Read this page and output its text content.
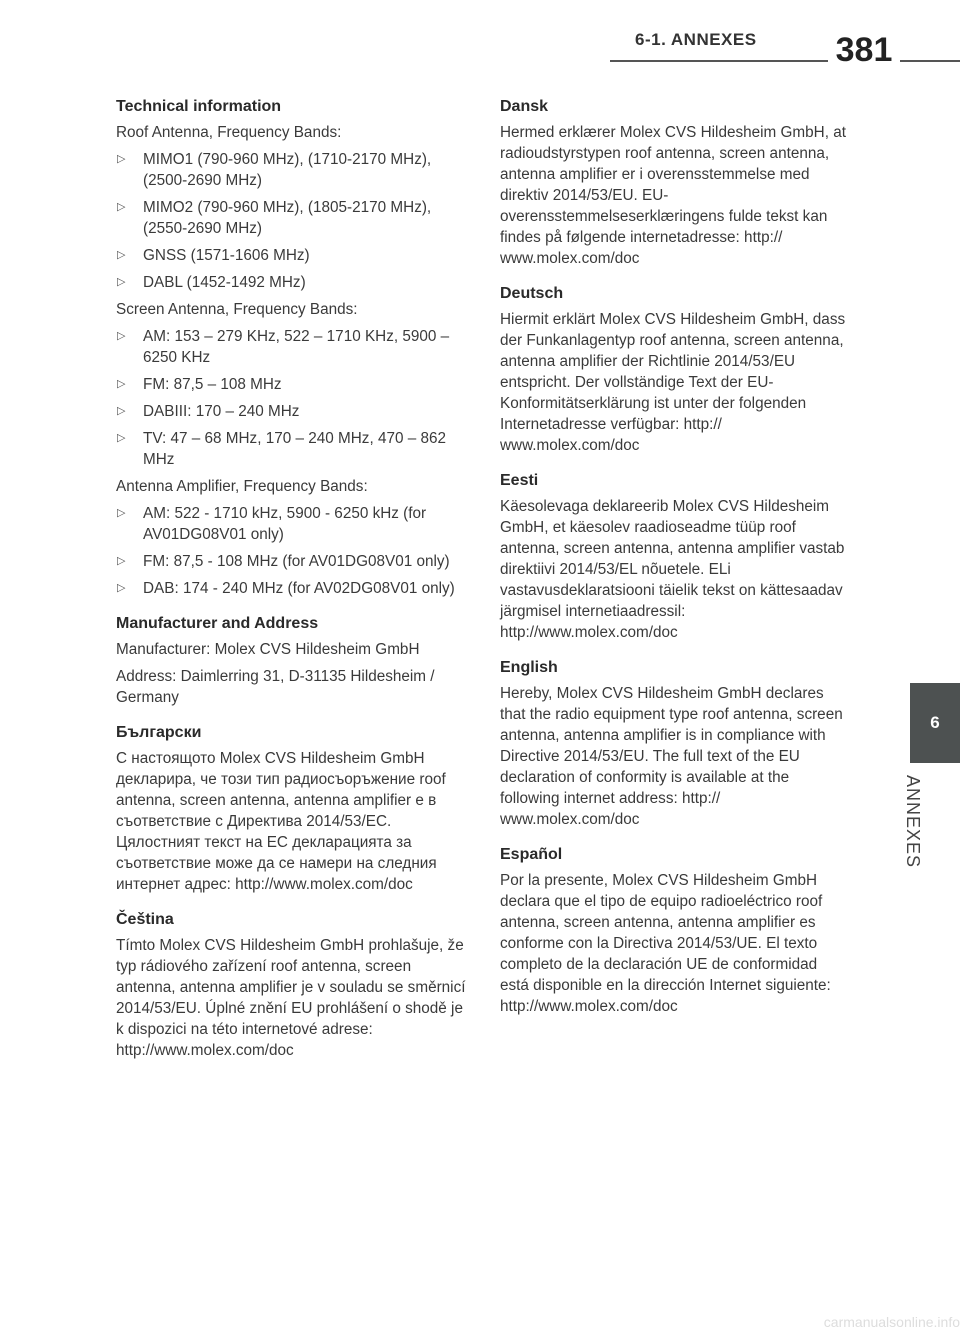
6-1. ANNEXES 381
6
ANNEXES
Technical information

Roof Antenna, Frequency Bands:

▷ MIMO1 (790-960 MHz), (1710-2170 MHz), (2500-2690 MHz)
▷ MIMO2 (790-960 MHz), (1805-2170 MHz), (2550-2690 MHz)
▷ GNSS (1571-1606 MHz)
▷ DABL (1452-1492 MHz)

Screen Antenna, Frequency Bands:

▷ AM: 153 – 279 KHz, 522 – 1710 KHz, 5900 – 6250 KHz
▷ FM: 87,5 – 108 MHz
▷ DABIII: 170 – 240 MHz
▷ TV: 47 – 68 MHz, 170 – 240 MHz, 470 – 862 MHz

Antenna Amplifier, Frequency Bands:

▷ AM: 522 - 1710 kHz, 5900 - 6250 kHz (for AV01DG08V01 only)
▷ FM: 87,5 - 108 MHz (for AV01DG08V01 only)
▷ DAB: 174 - 240 MHz (for AV02DG08V01 only)
Manufacturer and Address

Manufacturer: Molex CVS Hildesheim GmbH

Address: Daimlerring 31, D-31135 Hildesheim / Germany

Български

С настоящото Molex CVS Hildesheim GmbH декларира, че този тип радиосъоръжение roof antenna, screen antenna, antenna amplifier е в съответствие с Директива 2014/53/ЕС. Цялостният текст на ЕС декларацията за съответствие може да се намери на следния интернет адрес: http://www.molex.com/doc

Čeština

Tímto Molex CVS Hildesheim GmbH prohlašuje, že typ rádiového zařízení roof antenna, screen antenna, antenna amplifier je v souladu se směrnicí 2014/53/EU. Úplné znění EU prohlášení o shodě je k dispozici na této internetové adrese: http://www.molex.com/doc

Dansk

Hermed erklærer Molex CVS Hildesheim GmbH, at radioudstyrstypen roof antenna, screen antenna, antenna amplifier er i overensstemmelse med direktiv 2014/53/EU. EU-overensstemmelseserklæringens fulde tekst kan findes på følgende internetadresse: http:// www.molex.com/doc

Deutsch

Hiermit erklärt Molex CVS Hildesheim GmbH, dass der Funkanlagentyp roof antenna, screen antenna, antenna amplifier der Richtlinie 2014/53/EU entspricht. Der vollständige Text der EU-Konformitätserklärung ist unter der folgenden Internetadresse verfügbar: http:// www.molex.com/doc

Eesti

Käesolevaga deklareerib Molex CVS Hildesheim GmbH, et käesolev raadioseadme tüüp roof antenna, screen antenna, antenna amplifier vastab direktiivi 2014/53/EL nõuetele. ELi vastavusdeklaratsiooni täielik tekst on kättesaadav järgmisel internetiaadressil: http://www.molex.com/doc

English

Hereby, Molex CVS Hildesheim GmbH declares that the radio equipment type roof antenna, screen antenna, antenna amplifier is in compliance with Directive 2014/53/EU. The full text of the EU declaration of conformity is available at the following internet address: http:// www.molex.com/doc

Español

Por la presente, Molex CVS Hildesheim GmbH declara que el tipo de equipo radioeléctrico roof antenna, screen antenna, antenna amplifier es conforme con la Directiva 2014/53/UE. El texto completo de la declaración UE de conformidad está disponible en la dirección Internet siguiente: http://www.molex.com/doc

carmanualsonline.info
